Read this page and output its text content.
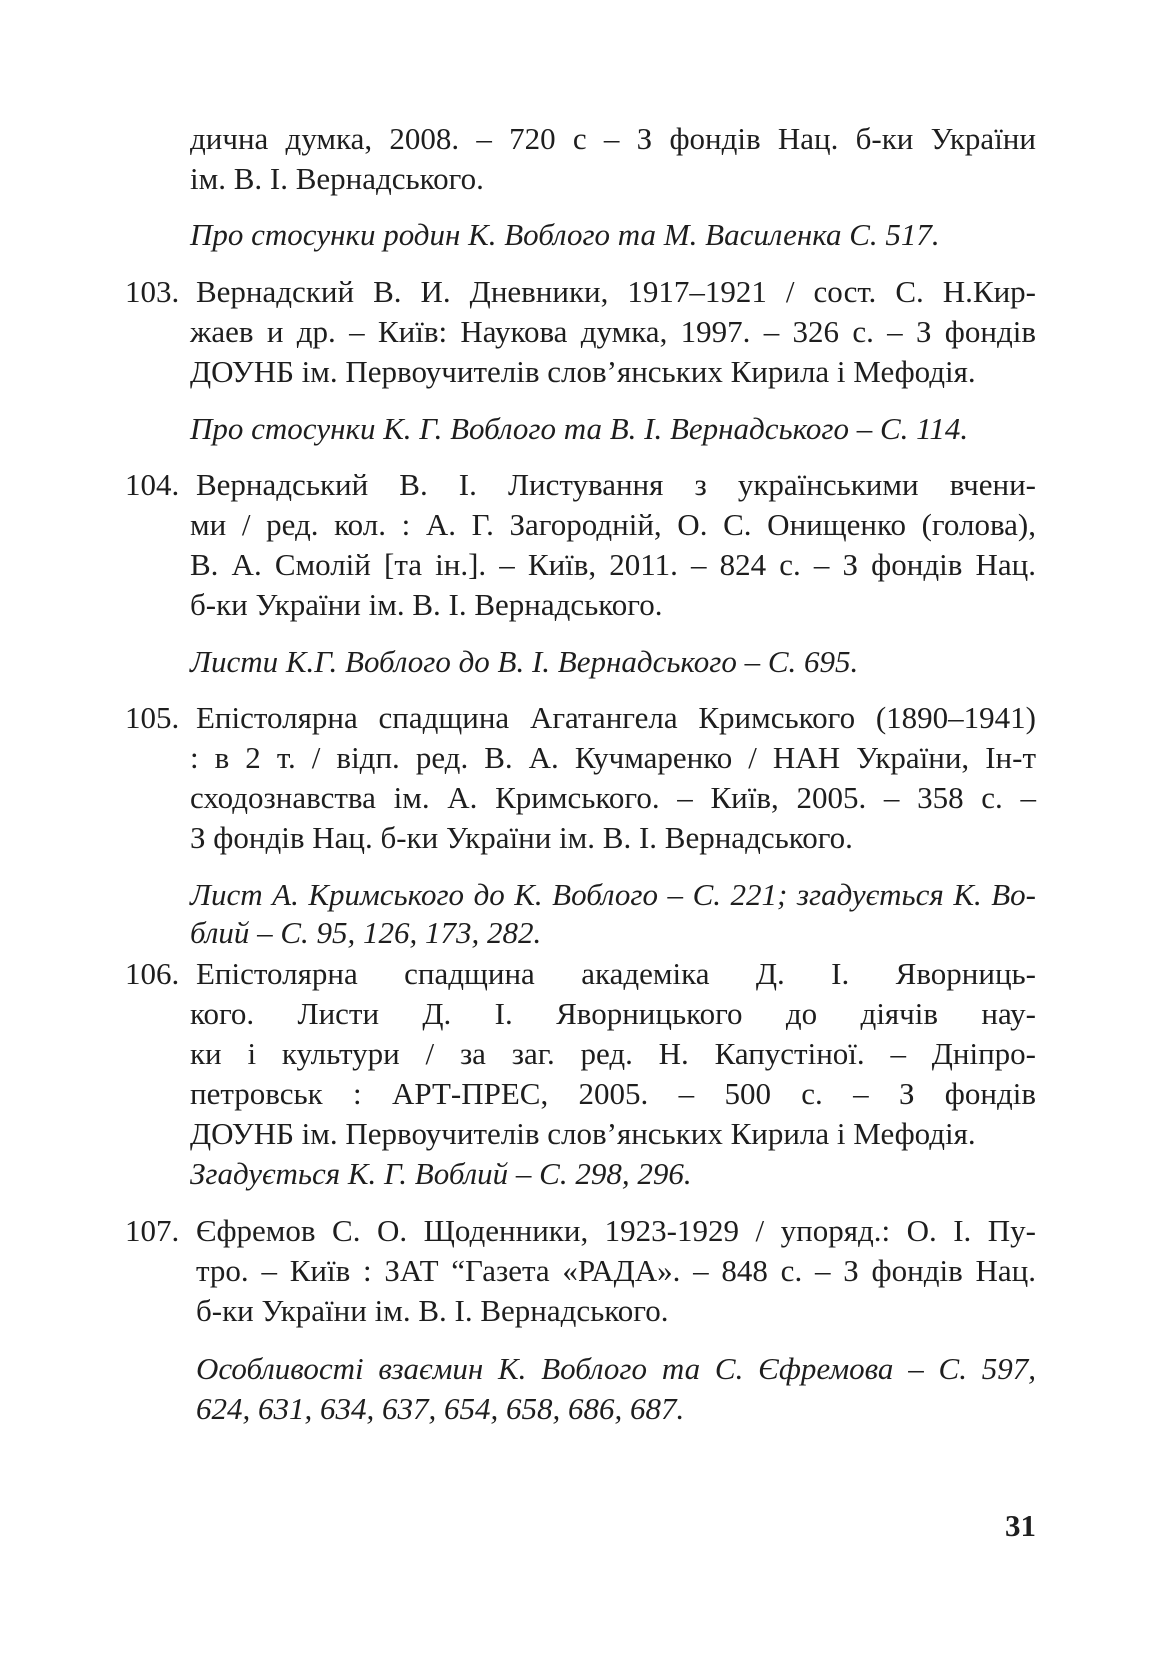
дична думка, 2008. – 720 с – З фондів Нац. б-ки України
ім. В. І. Вернадського.
Про стосунки родин К. Воблого та М. Василенка С. 517.
103. Вернадский В. И. Дневники, 1917–1921 / сост. С. Н.Кир-
жаев и др. – Київ: Наукова думка, 1997. – 326 с. – З фондів
ДОУНБ ім. Первоучителів слов’янських Кирила і Мефодія.
Про стосунки К. Г. Воблого та В. І. Вернадського – С. 114.
104. Вернадський В. І. Листування з українськими вчени-
ми / ред. кол. : А. Г. Загородній, О. С. Онищенко (голова),
В. А. Смолій [та ін.]. – Київ, 2011. – 824 с. – З фондів Нац.
б-ки України ім. В. І. Вернадського.
Листи К.Г. Воблого до В. І. Вернадського – С. 695.
105. Епістолярна спадщина Агатангела Кримського (1890–1941)
: в 2 т. / відп. ред. В. А. Кучмаренко / НАН України, Ін-т
сходознавства ім. А. Кримського. – Київ, 2005. – 358 с. –
З фондів Нац. б-ки України ім. В. І. Вернадського.
Лист А. Кримського до К. Воблого – С. 221; згадується К. Во-
блий – С. 95, 126, 173, 282.
106. Епістолярна спадщина академіка Д. І. Яворниць-
кого. Листи Д. І. Яворницького до діячів нау-
ки і культури / за заг. ред. Н. Капустіної. – Дніпро-
петровськ : АРТ-ПРЕС, 2005. – 500 с. – З фондів
ДОУНБ ім. Первоучителів слов’янських Кирила і Мефодія.
Згадується К. Г. Воблий – С. 298, 296.
107. Єфремов С. О. Щоденники, 1923‑1929 / упоряд.: О. І. Пу-
тро. – Київ : ЗАТ “Газета «РАДА». – 848 с. – З фондів Нац.
б-ки України ім. В. І. Вернадського.
Особливості взаємин К. Воблого та С. Єфремова – С. 597,
624, 631, 634, 637, 654, 658, 686, 687.
31
